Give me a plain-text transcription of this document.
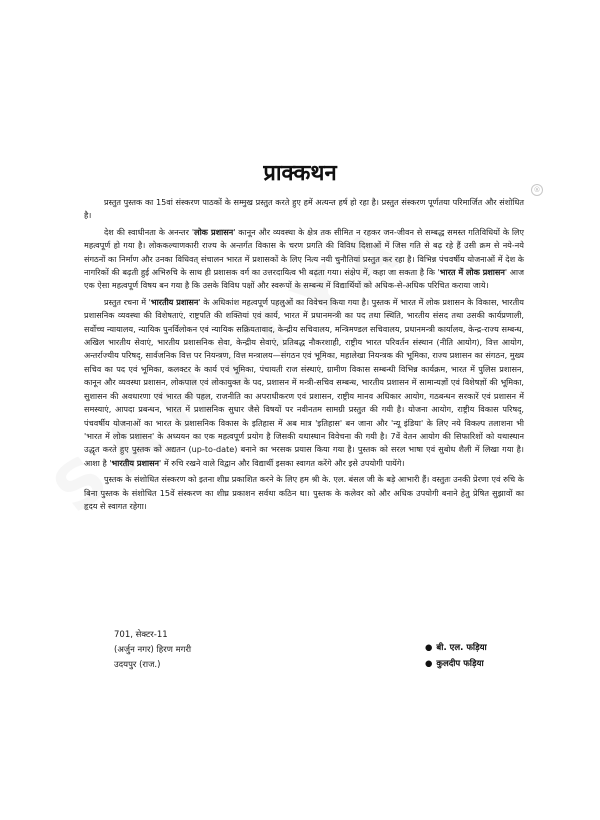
®
प्राक्कथन

प्रस्तुत पुस्तक का 15वां संस्करण पाठकों के सम्मुख प्रस्तुत करते हुए हमें अत्यन्त हर्ष हो रहा है। प्रस्तुत संस्करण पूर्णतया परिमार्जित और संशोधित है।

देश की स्वाधीनता के अनन्तर 'लोक प्रशासन' कानून और व्यवस्था के क्षेत्र तक सीमित न रहकर जन-जीवन से सम्बद्ध समस्त गतिविधियों के लिए महत्वपूर्ण हो गया है। लोककल्याणकारी राज्य के अन्तर्गत विकास के चरण प्रगति की विविध दिशाओं में जिस गति से बढ़ रहे हैं उसी क्रम से नये-नये संगठनों का निर्माण और उनका विधिवत् संचालन भारत में प्रशासकों के लिए नित्य नयी चुनौतियां प्रस्तुत कर रहा है। विभिन्न पंचवर्षीय योजनाओं में देश के नागरिकों की बढ़ती हुई अभिरुचि के साथ ही प्रशासक वर्ग का उत्तरदायित्व भी बढ़ता गया। संक्षेप में, कहा जा सकता है कि 'भारत में लोक प्रशासन' आज एक ऐसा महत्वपूर्ण विषय बन गया है कि उसके विविध पक्षों और स्वरूपों के सम्बन्ध में विद्यार्थियों को अधिक-से-अधिक परिचित कराया जाये।

प्रस्तुत रचना में 'भारतीय प्रशासन' के अधिकांश महत्वपूर्ण पहलुओं का विवेचन किया गया है। पुस्तक में भारत में लोक प्रशासन के विकास, भारतीय प्रशासनिक व्यवस्था की विशेषताएं, राष्ट्रपति की शक्तियां एवं कार्य, भारत में प्रधानमन्त्री का पद तथा स्थिति, भारतीय संसद तथा उसकी कार्यप्रणाली, सर्वोच्च न्यायालय, न्यायिक पुनर्विलोकन एवं न्यायिक सक्रियतावाद, केन्द्रीय सचिवालय, मन्त्रिमण्डल सचिवालय, प्रधानमन्त्री कार्यालय, केन्द्र-राज्य सम्बन्ध, अखिल भारतीय सेवाएं, भारतीय प्रशासनिक सेवा, केन्द्रीय सेवाएं, प्रतिबद्ध नौकरशाही, राष्ट्रीय भारत परिवर्तन संस्थान (नीति आयोग), वित्त आयोग, अन्तर्राज्यीय परिषद्, सार्वजनिक वित्त पर नियन्त्रण, वित्त मन्त्रालय—संगठन एवं भूमिका, महालेखा नियन्त्रक की भूमिका, राज्य प्रशासन का संगठन, मुख्य सचिव का पद एवं भूमिका, कलक्टर के कार्य एवं भूमिका, पंचायती राज संस्थाएं, ग्रामीण विकास सम्बन्धी विभिन्न कार्यक्रम, भारत में पुलिस प्रशासन, कानून और व्यवस्था प्रशासन, लोकपाल एवं लोकायुक्त के पद, प्रशासन में मन्त्री-सचिव सम्बन्ध, भारतीय प्रशासन में सामान्यज्ञों एवं विशेषज्ञों की भूमिका, सुशासन की अवधारणा एवं भारत की पहल, राजनीति का अपराधीकरण एवं प्रशासन, राष्ट्रीय मानव अधिकार आयोग, गठबन्धन सरकारें एवं प्रशासन में समस्याएं, आपदा प्रबन्धन, भारत में प्रशासनिक सुधार जैसे विषयों पर नवीनतम सामग्री प्रस्तुत की गयी है। योजना आयोग, राष्ट्रीय विकास परिषद्, पंचवर्षीय योजनाओं का भारत के प्रशासनिक विकास के इतिहास में अब मात्र 'इतिहास' बन जाना और 'न्यू इंडिया' के लिए नये विकल्प तलाशना भी 'भारत में लोक प्रशासन' के अध्ययन का एक महत्वपूर्ण प्रयोग है जिसकी यथास्थान विवेचना की गयी है। 7वें वेतन आयोग की सिफारिशों को यथास्थान उद्धृत करते हुए पुस्तक को अद्यतन (up-to-date) बनाने का भरसक प्रयास किया गया है। पुस्तक को सरल भाषा एवं सुबोध शैली में लिखा गया है। आशा है 'भारतीय प्रशासन' में रुचि रखने वाले विद्वान और विद्यार्थी इसका स्वागत करेंगे और इसे उपयोगी पायेंगे।

पुस्तक के संशोधित संस्करण को इतना शीघ्र प्रकाशित करने के लिए हम श्री के. एल. बंसल जी के बड़े आभारी हैं। वस्तुतः उनकी प्रेरणा एवं रुचि के बिना पुस्तक के संशोधित 15वें संस्करण का शीघ्र प्रकाशन सर्वथा कठिन था। पुस्तक के कलेवर को और अधिक उपयोगी बनाने हेतु प्रेषित सुझावों का हृदय से स्वागत रहेगा।

701, सेक्टर-11
(अर्जुन नगर) हिरण मगरी
उदयपुर (राज.)
● बी. एल. फड़िया
● कुलदीप फड़िया
